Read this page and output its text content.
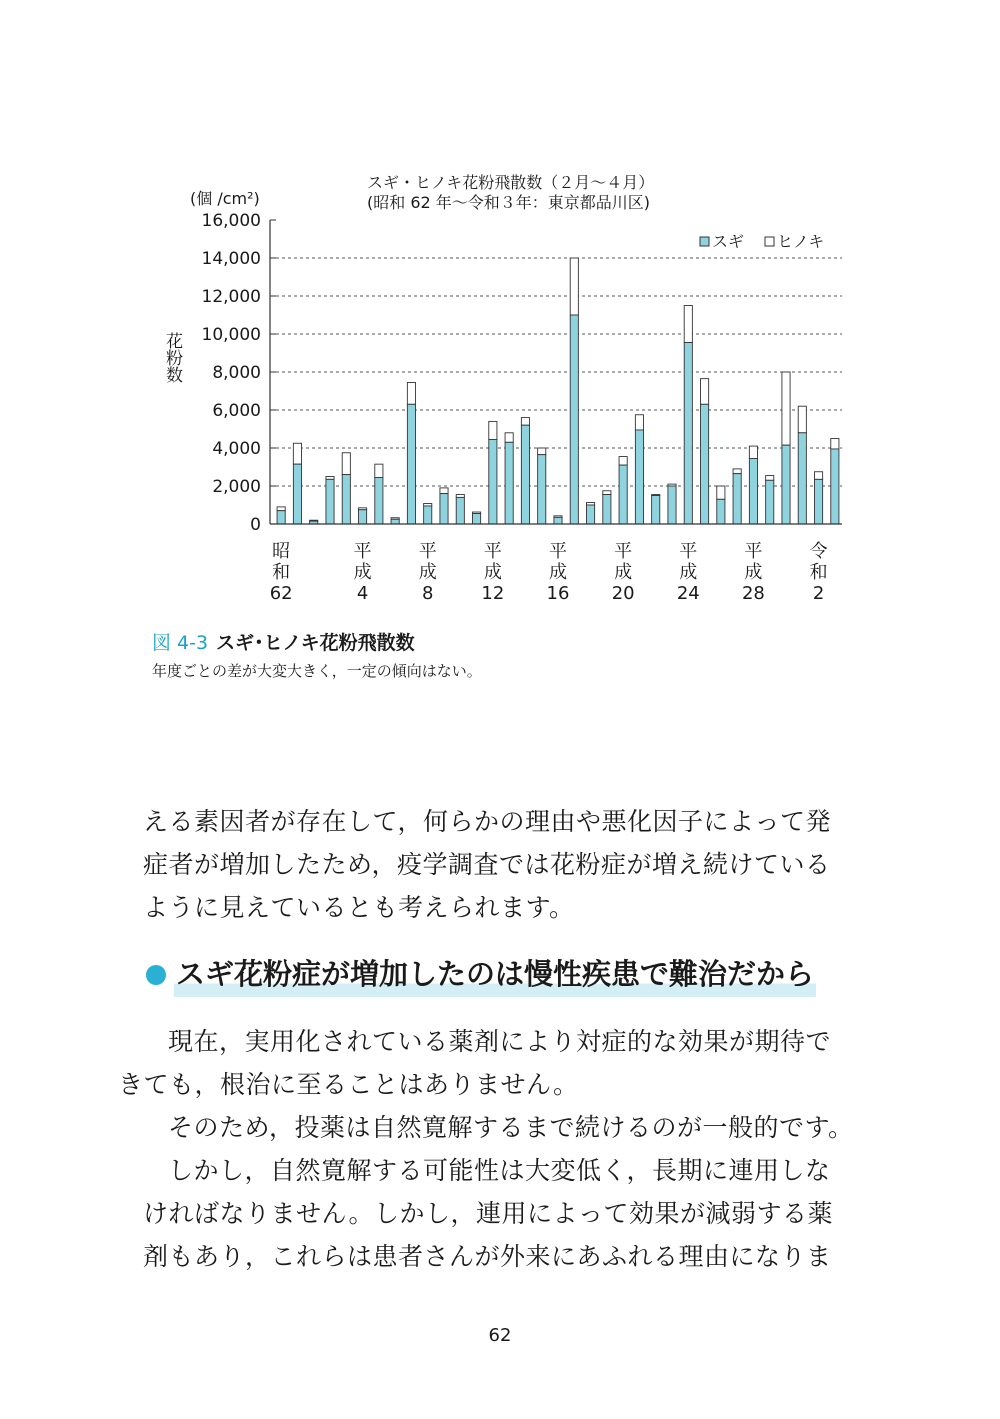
0
2,000
4,000
6,000
8,000
10,000
12,000
14,000
16,000
昭
和
62
平
成
4
平
成
8
平
成
12
平
成
16
平
成
20
平
成
24
平
成
28
令
和
2
スギ・ヒノキ花粉飛散数（２月〜４月）
(昭和 62 年〜令和３年：東京都品川区)
(個 /cm²)
花粉数
スギ ヒノキ
図 4-3 スギ･ヒノキ花粉飛散数
年度ごとの差が大変大きく，一定の傾向はない。
える素因者が存在して，何らかの理由や悪化因子によって発
症者が増加したため，疫学調査では花粉症が増え続けている
ように見えているとも考えられます。
スギ花粉症が増加したのは慢性疾患で難治だから

現在，実用化されている薬剤により対症的な効果が期待で
きても，根治に至ることはありません。

そのため，投薬は自然寛解するまで続けるのが一般的です。

しかし，自然寛解する可能性は大変低く，長期に連用しな
ければなりません。しかし，連用によって効果が減弱する薬
剤もあり，これらは患者さんが外来にあふれる理由になりま

62
